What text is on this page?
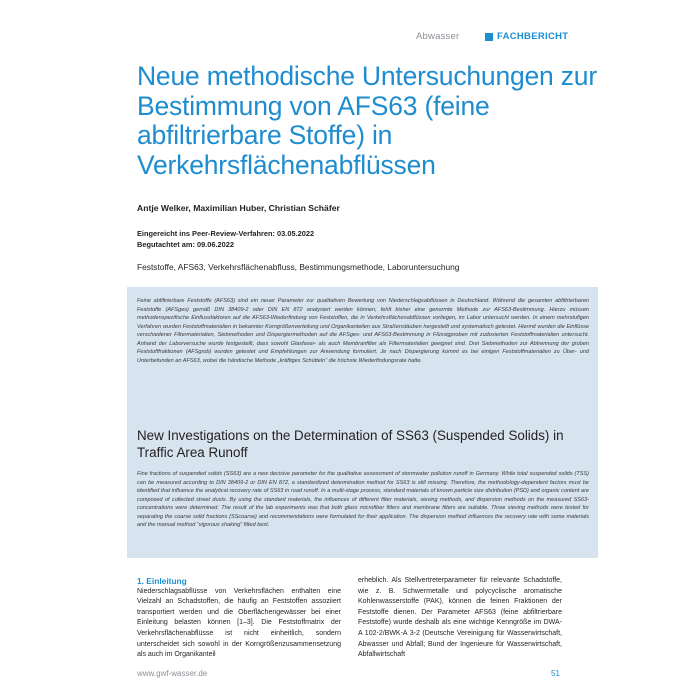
Abwasser	FACHBERICHT
Neue methodische Untersuchungen zur Bestimmung von AFS63 (feine abfiltrierbare Stoffe) in Verkehrsflächenabflüssen
Antje Welker, Maximilian Huber, Christian Schäfer
Eingereicht ins Peer-Review-Verfahren: 03.05.2022
Begutachtet am: 09.06.2022
Feststoffe, AFS63, Verkehrsflächenabfluss, Bestimmungsmethode, Laboruntersuchung

Feine abfiltrierbare Feststoffe (AFS63) sind ein neuer Parameter zur qualitativen Bewertung von Niederschlagsabflüssen in Deutschland. Während die gesamten abfiltrierbaren Feststoffe (AFSges) gemäß DIN 38409-2 oder DIN EN 872 analysiert werden können, fehlt bisher eine genormte Methode zur AFS63-Bestimmung. Hierzu müssen methodenspezifische Einflussfaktoren auf die AFS63-Wiederfindung von Feststoffen, die in Verkehrsflächenabflüssen vorliegen, im Labor untersucht werden. In einem mehrstufigen Verfahren wurden Feststoffmaterialien in bekannter Korngrößenverteilung und Organikanteilen aus Straßenstäuben hergestellt und systematisch getestet. Hiermit wurden die Einflüsse verschiedener Filtermaterialien, Siebmethoden und Dispergiermethoden auf die AFSges- und AFS63-Bestimmung in Flüssigproben mit zudosierten Feststoffmaterialien untersucht. Anhand der Laborversuche wurde festgestellt, dass sowohl Glasfaser- als auch Membranfilter als Filtermaterialien geeignet sind. Drei Siebmethoden zur Abtrennung der groben Feststofffraktionen (AFSgrob) wurden getestet und Empfehlungen zur Anwendung formuliert. Je nach Dispergierung kommt es bei einigen Feststoffmaterialien zu Über- und Unterbefunden an AFS63, wobei die händische Methode „kräftiges Schütteln“ die höchste Wiederfindungsrate hatte.

New Investigations on the Determination of SS63 (Suspended Solids) in Traffic Area Runoff

Fine fractions of suspended solids (SS63) are a new decisive parameter for the qualitative assessment of stormwater pollution runoff in Germany. While total suspended solids (TSS) can be measured according to DIN 38409-2 or DIN EN 872, a standardized determination method for SS63 is still missing. Therefore, the methodology-dependent factors must be identified that influence the analytical recovery rate of SS63 in road runoff. In a multi-stage process, standard materials of known particle size distribution (PSD) and organic content are composed of collected street dusts. By using the standard materials, the influences of different filter materials, sieving methods, and dispersion methods on the measured SS63-concentrations were determined. The result of the lab experiments was that both glass microfiber filters and membrane filters are suitable. Three sieving methods were tested for separating the coarse solid fractions (SScoarse) and recommendations were formulated for their application. The dispersion method influences the recovery rate with some materials and the manual method “vigorous shaking” fitted best.

1. Einleitung

Niederschlagsabflüsse von Verkehrsflächen enthalten eine Vielzahl an Schadstoffen, die häufig an Feststoffen assoziiert transportiert werden und die Oberflächengewässer bei einer Einleitung belasten können [1–3]. Die Feststoffmatrix der Verkehrsflächenabflüsse ist nicht einheitlich, sondern unterscheidet sich sowohl in der Korngrößenzusammensetzung als auch im Organikanteil

erheblich. Als Stellvertreterparameter für relevante Schadstoffe, wie z. B. Schwermetalle und polycyclische aromatische Kohlenwasserstoffe (PAK), können die feinen Fraktionen der Feststoffe dienen. Der Parameter AFS63 (feine abfiltrierbare Feststoffe) wurde deshalb als eine wichtige Kenngröße im DWA-A 102-2/BWK-A 3-2 (Deutsche Vereinigung für Wasserwirtschaft, Abwasser und Abfall; Bund der Ingenieure für Wasserwirtschaft, Abfallwirtschaft

www.gwf-wasser.de	51
